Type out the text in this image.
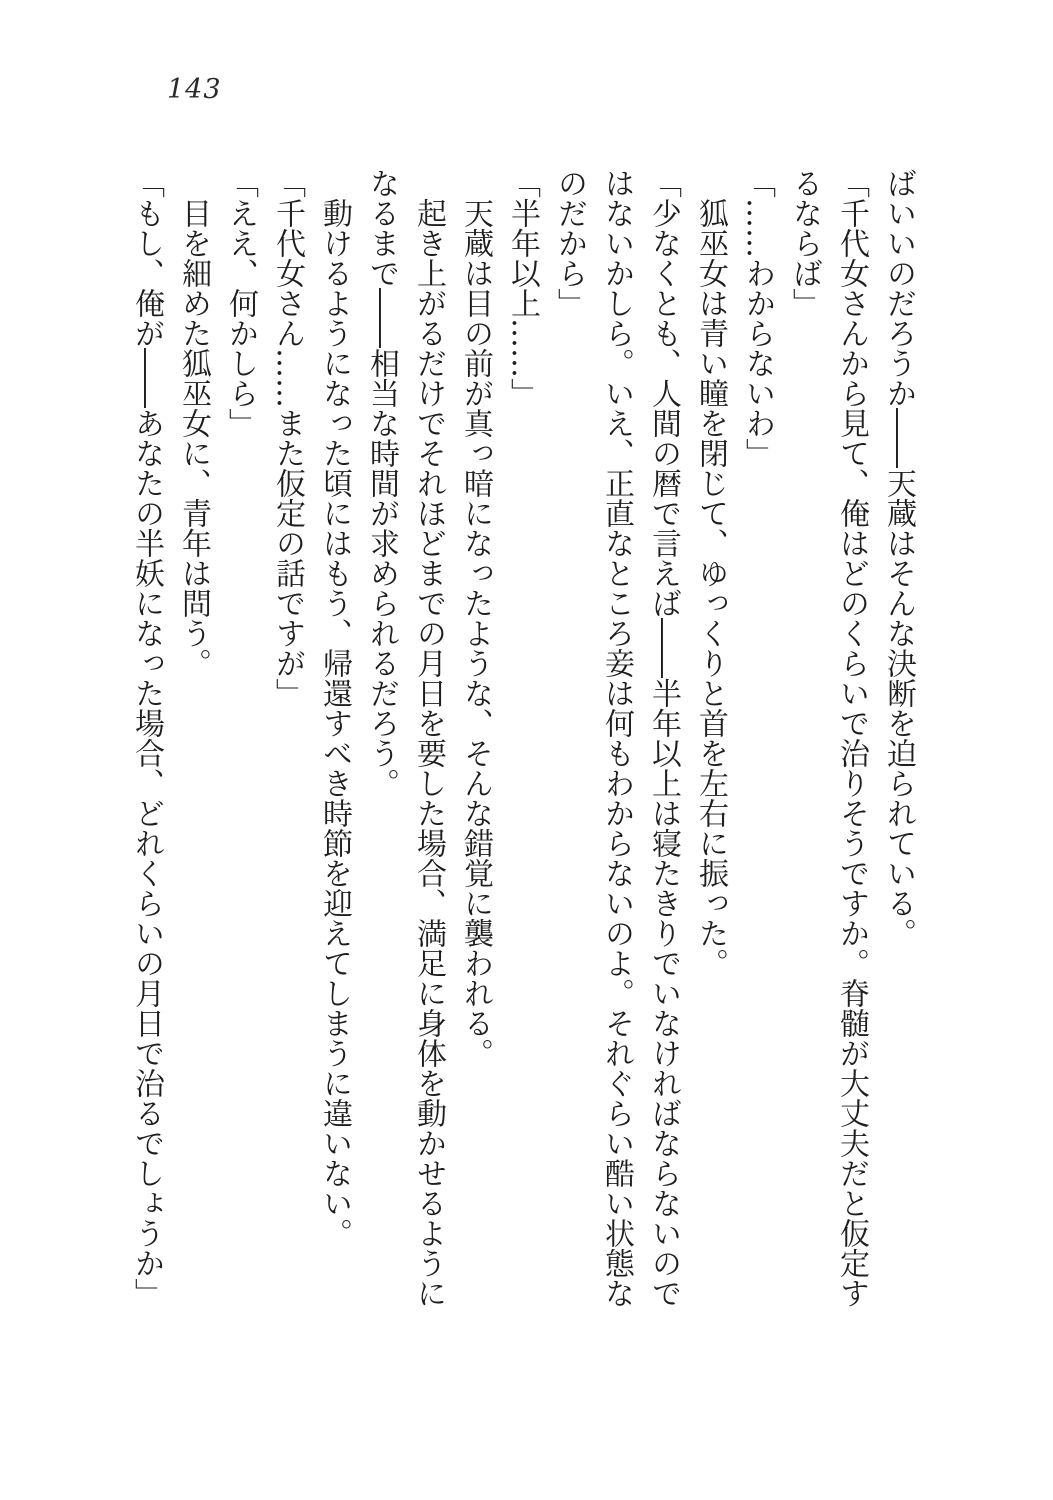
143

ばいいのだろうか――天蔵はそんな決断を迫られている。

「千代女さんから見て、俺はどのくらいで治りそうですか。脊髄が大丈夫だと仮定するならば」

「……わからないわ」

狐巫女は青い瞳を閉じて、ゆっくりと首を左右に振った。

「少なくとも、人間の暦で言えば――半年以上は寝たきりでいなければならないのではないかしら。いえ、正直なところ妾は何もわからないのよ。それぐらい酷い状態なのだから」

「半年以上……」

天蔵は目の前が真っ暗になったような、そんな錯覚に襲われる。

起き上がるだけでそれほどまでの月日を要した場合、満足に身体を動かせるようになるまで――相当な時間が求められるだろう。

動けるようになった頃にはもう、帰還すべき時節を迎えてしまうに違いない。

「千代女さん……また仮定の話ですが」

「ええ、何かしら」

目を細めた狐巫女に、青年は問う。

「もし、俺が――あなたの半妖になった場合、どれくらいの月日で治るでしょうか」
